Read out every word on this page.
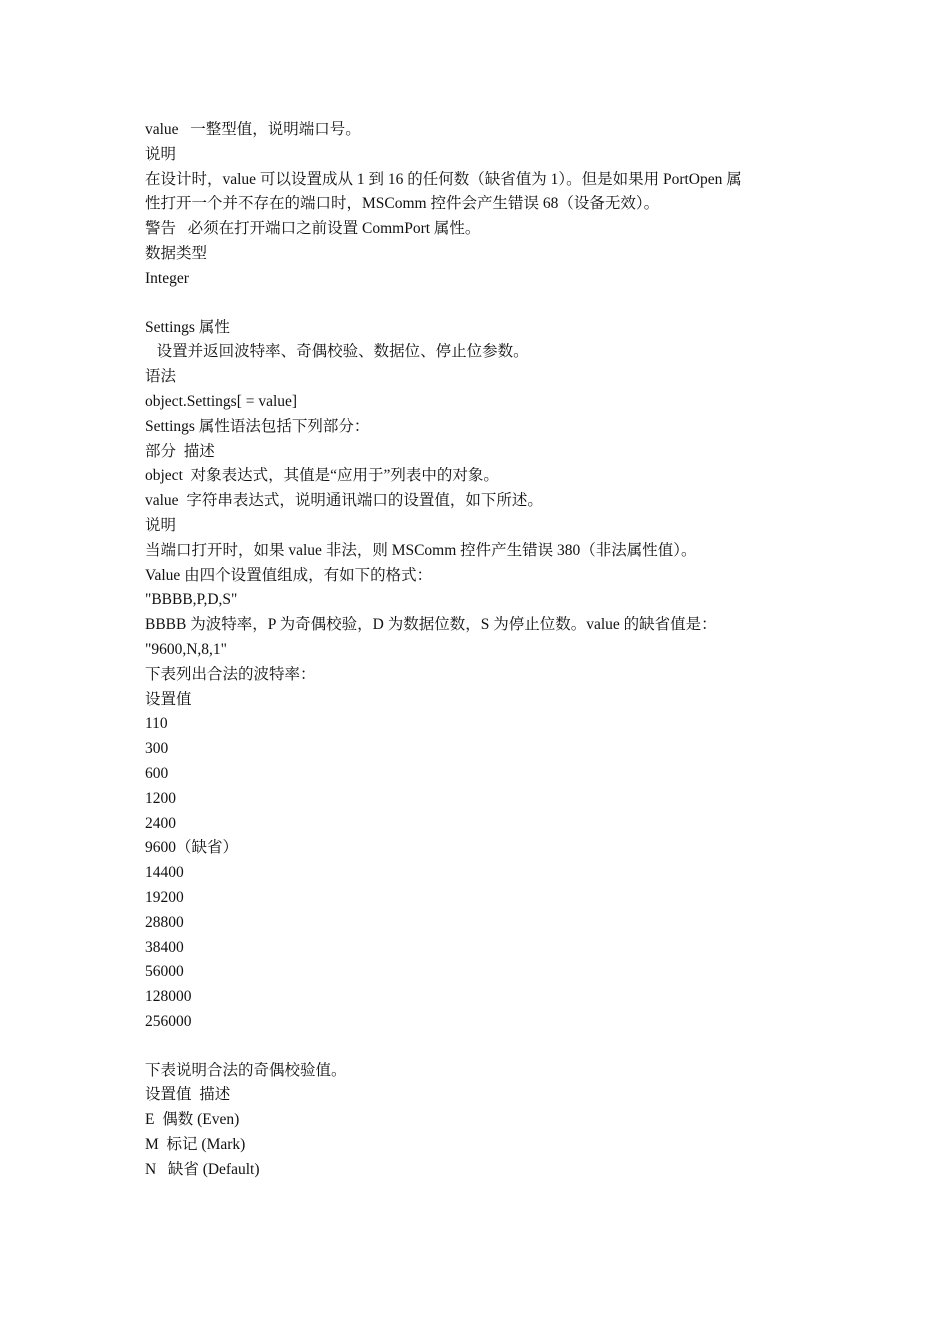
value   一整型值，说明端口号。
说明
在设计时，value 可以设置成从 1 到 16 的任何数（缺省值为 1）。但是如果用 PortOpen 属
性打开一个并不存在的端口时，MSComm 控件会产生错误 68（设备无效）。
警告   必须在打开端口之前设置 CommPort 属性。
数据类型
Integer
Settings 属性
设置并返回波特率、奇偶校验、数据位、停止位参数。
语法
object.Settings[ = value]
Settings 属性语法包括下列部分：
部分  描述
object  对象表达式，其值是“应用于”列表中的对象。
value  字符串表达式，说明通讯端口的设置值，如下所述。
说明
当端口打开时，如果 value 非法，则 MSComm 控件产生错误 380（非法属性值）。
Value 由四个设置值组成，有如下的格式：
"BBBB,P,D,S"
BBBB 为波特率，P 为奇偶校验，D 为数据位数，S 为停止位数。value 的缺省值是：
"9600,N,8,1"
下表列出合法的波特率：
设置值
110
300
600
1200
2400
9600（缺省）
14400
19200
28800
38400
56000
128000
256000
下表说明合法的奇偶校验值。
设置值  描述
E  偶数 (Even)
M  标记 (Mark)
N   缺省 (Default)
